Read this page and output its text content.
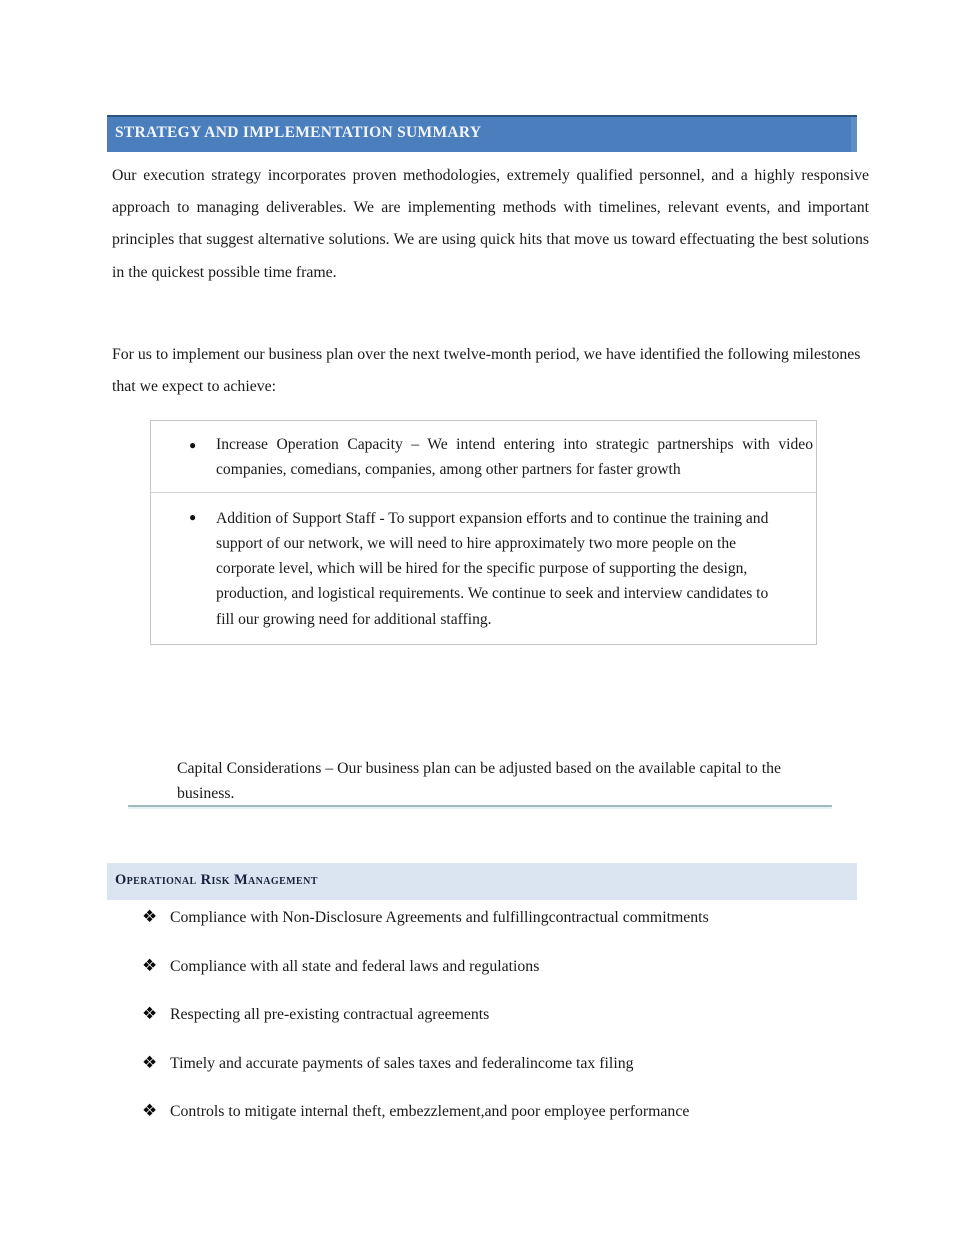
STRATEGY AND IMPLEMENTATION SUMMARY

Our execution strategy incorporates proven methodologies, extremely qualified personnel, and a highly responsive approach to managing deliverables. We are implementing methods with timelines, relevant events, and important principles that suggest alternative solutions. We are using quick hits that move us toward effectuating the best solutions in the quickest possible time frame.

For us to implement our business plan over the next twelve-month period, we have identified the following milestones that we expect to achieve:

● Increase Operation Capacity – We intend entering into strategic partnerships with video companies, comedians, companies, among other partners for faster growth
● Addition of Support Staff - To support expansion efforts and to continue the training and support of our network, we will need to hire approximately two more people on the corporate level, which will be hired for the specific purpose of supporting the design, production, and logistical requirements. We continue to seek and interview candidates to fill our growing need for additional staffing.

Capital Considerations – Our business plan can be adjusted based on the available capital to the business.

Operational Risk Management
❖ Compliance with Non-Disclosure Agreements and fulfillingcontractual commitments
❖ Compliance with all state and federal laws and regulations
❖ Respecting all pre-existing contractual agreements
❖ Timely and accurate payments of sales taxes and federalincome tax filing
❖ Controls to mitigate internal theft, embezzlement,and poor employee performance
